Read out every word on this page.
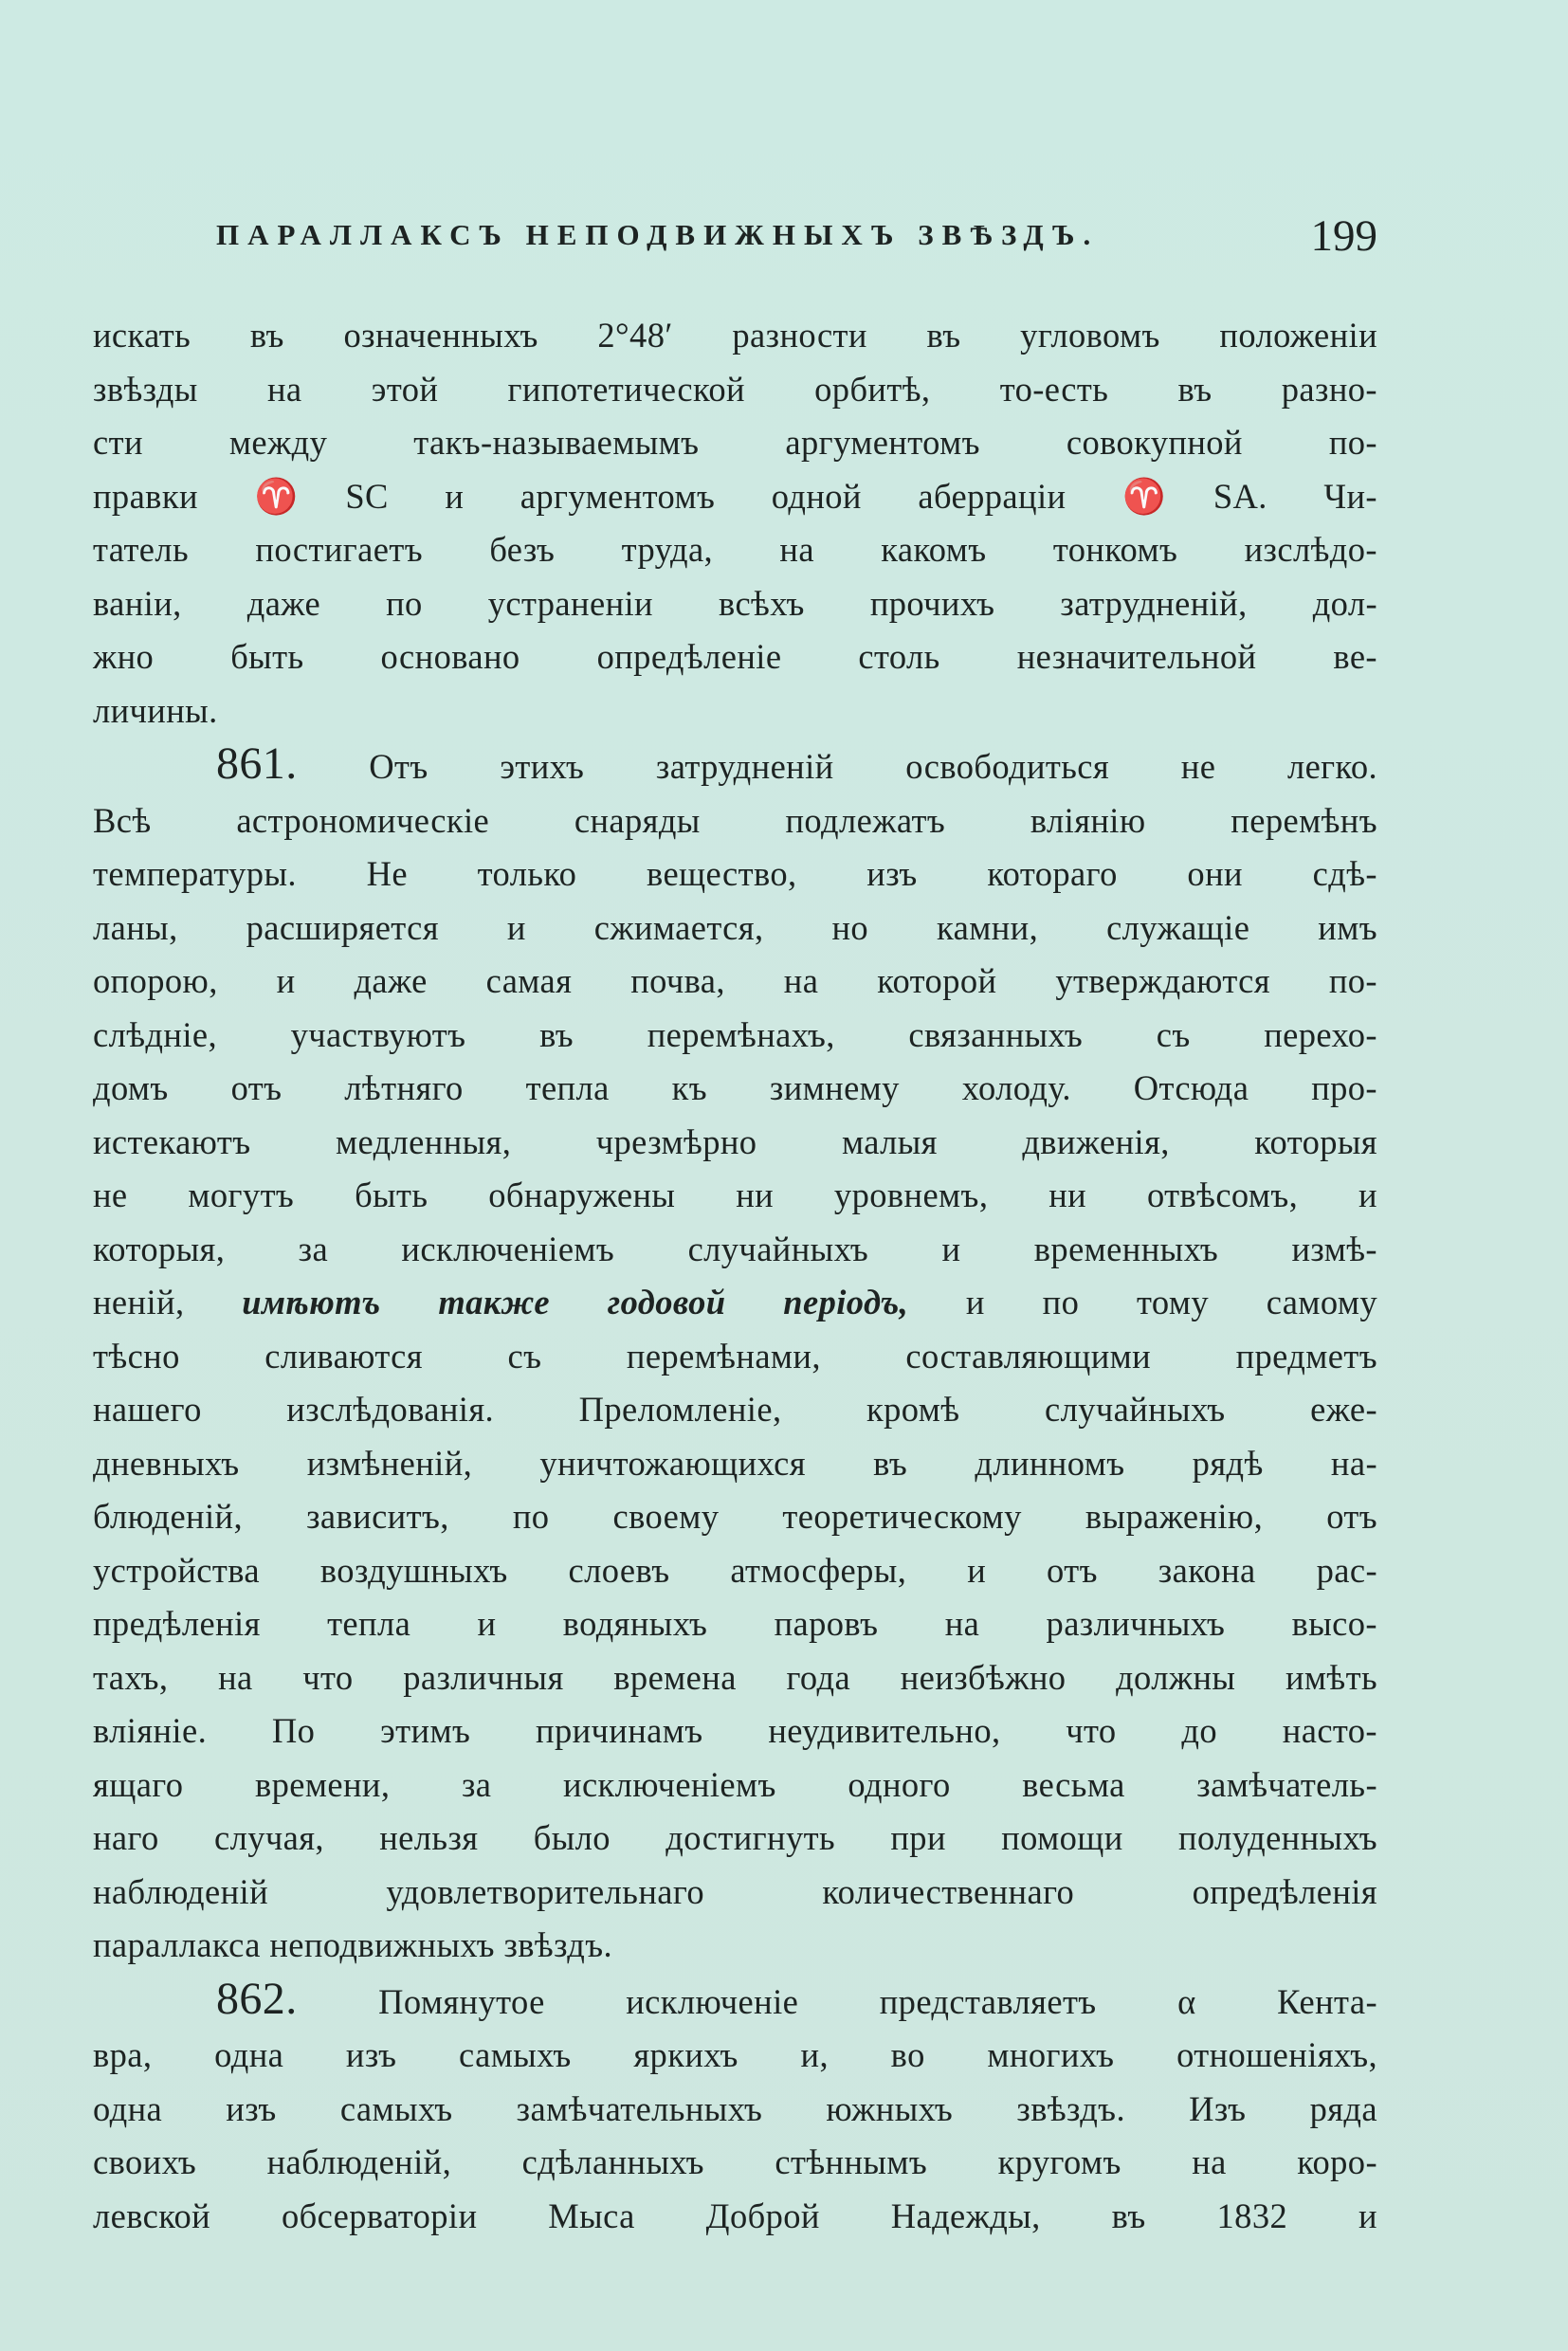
ПАРАЛЛАКСЪ НЕПОДВИЖНЫХЪ ЗВѢЗДЪ.	199

искать въ означенныхъ 2°48′ разности въ угловомъ положеніи
звѣзды на этой гипотетической орбитѣ, то-есть въ разно-
сти между такъ-называемымъ аргументомъ совокупной по-
правки ♈SC и аргументомъ одной аберраціи ♈SA. Чи-
татель постигаетъ безъ труда, на какомъ тонкомъ изслѣдо-
ваніи, даже по устраненіи всѣхъ прочихъ затрудненій, дол-
жно быть основано опредѣленіе столь незначительной ве-
личины.

861. Отъ этихъ затрудненій освободиться не легко.
Всѣ астрономическіе снаряды подлежатъ вліянію перемѣнъ
температуры. Не только вещество, изъ котораго они сдѣ-
ланы, расширяется и сжимается, но камни, служащіе имъ
опорою, и даже самая почва, на которой утверждаются по-
слѣдніе, участвуютъ въ перемѣнахъ, связанныхъ съ перехо-
домъ отъ лѣтняго тепла къ зимнему холоду. Отсюда про-
истекаютъ медленныя, чрезмѣрно малыя движенія, которыя
не могутъ быть обнаружены ни уровнемъ, ни отвѣсомъ, и
которыя, за исключеніемъ случайныхъ и временныхъ измѣ-
неній, имѣютъ также годовой періодъ, и по тому самому
тѣсно сливаются съ перемѣнами, составляющими предметъ
нашего изслѣдованія. Преломленіе, кромѣ случайныхъ еже-
дневныхъ измѣненій, уничтожающихся въ длинномъ рядѣ на-
блюденій, зависитъ, по своему теоретическому выраженію, отъ
устройства воздушныхъ слоевъ атмосферы, и отъ закона рас-
предѣленія тепла и водяныхъ паровъ на различныхъ высо-
тахъ, на что различныя времена года неизбѣжно должны имѣть
вліяніе. По этимъ причинамъ неудивительно, что до насто-
ящаго времени, за исключеніемъ одного весьма замѣчатель-
наго случая, нельзя было достигнуть при помощи полуденныхъ
наблюденій удовлетворительнаго количественнаго опредѣленія
параллакса неподвижныхъ звѣздъ.

862. Помянутое исключеніе представляетъ α Кента-
вра, одна изъ самыхъ яркихъ и, во многихъ отношеніяхъ,
одна изъ самыхъ замѣчательныхъ южныхъ звѣздъ. Изъ ряда
своихъ наблюденій, сдѣланныхъ стѣннымъ кругомъ на коро-
левской обсерваторіи Мыса Доброй Надежды, въ 1832 и
